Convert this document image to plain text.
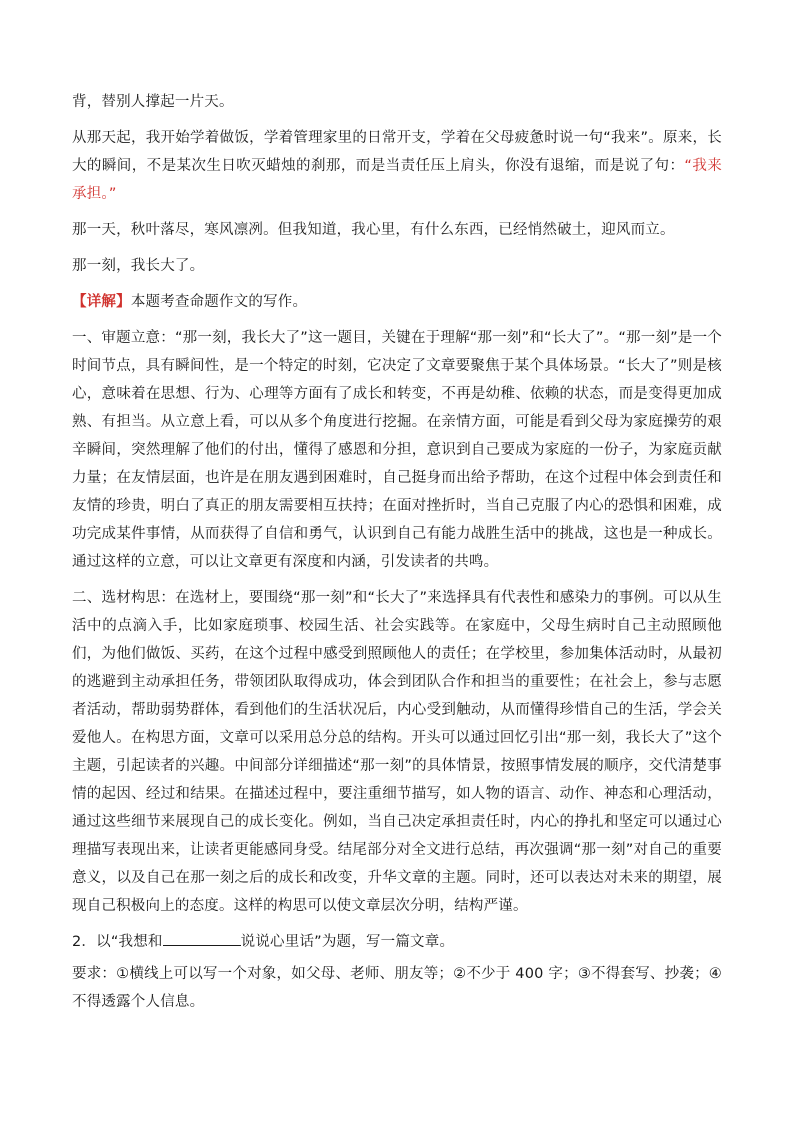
背，替别人撑起一片天。

从那天起，我开始学着做饭，学着管理家里的日常开支，学着在父母疲惫时说一句“我来”。原来，长大的瞬间，不是某次生日吹灭蜡烛的刹那，而是当责任压上肩头，你没有退缩，而是说了句：“我来承担。”

那一天，秋叶落尽，寒风凛冽。但我知道，我心里，有什么东西，已经悄然破土，迎风而立。

那一刻，我长大了。

【详解】本题考查命题作文的写作。

一、审题立意：“那一刻，我长大了”这一题目，关键在于理解“那一刻”和“长大了”。“那一刻”是一个时间节点，具有瞬间性，是一个特定的时刻，它决定了文章要聚焦于某个具体场景。“长大了”则是核心，意味着在思想、行为、心理等方面有了成长和转变，不再是幼稚、依赖的状态，而是变得更加成熟、有担当。从立意上看，可以从多个角度进行挖掘。在亲情方面，可能是看到父母为家庭操劳的艰辛瞬间，突然理解了他们的付出，懂得了感恩和分担，意识到自己要成为家庭的一份子，为家庭贡献力量；在友情层面，也许是在朋友遇到困难时，自己挺身而出给予帮助，在这个过程中体会到责任和友情的珍贵，明白了真正的朋友需要相互扶持；在面对挫折时，当自己克服了内心的恐惧和困难，成功完成某件事情，从而获得了自信和勇气，认识到自己有能力战胜生活中的挑战，这也是一种成长。通过这样的立意，可以让文章更有深度和内涵，引发读者的共鸣。

二、选材构思：在选材上，要围绕“那一刻”和“长大了”来选择具有代表性和感染力的事例。可以从生活中的点滴入手，比如家庭琐事、校园生活、社会实践等。在家庭中，父母生病时自己主动照顾他们，为他们做饭、买药，在这个过程中感受到照顾他人的责任；在学校里，参加集体活动时，从最初的逃避到主动承担任务，带领团队取得成功，体会到团队合作和担当的重要性；在社会上，参与志愿者活动，帮助弱势群体，看到他们的生活状况后，内心受到触动，从而懂得珍惜自己的生活，学会关爱他人。在构思方面，文章可以采用总分总的结构。开头可以通过回忆引出“那一刻，我长大了”这个主题，引起读者的兴趣。中间部分详细描述“那一刻”的具体情景，按照事情发展的顺序，交代清楚事情的起因、经过和结果。在描述过程中，要注重细节描写，如人物的语言、动作、神态和心理活动，通过这些细节来展现自己的成长变化。例如，当自己决定承担责任时，内心的挣扎和坚定可以通过心理描写表现出来，让读者更能感同身受。结尾部分对全文进行总结，再次强调“那一刻”对自己的重要意义，以及自己在那一刻之后的成长和改变，升华文章的主题。同时，还可以表达对未来的期望，展现自己积极向上的态度。这样的构思可以使文章层次分明，结构严谨。

2．以“我想和	说说心里话”为题，写一篇文章。

要求：①横线上可以写一个对象，如父母、老师、朋友等；②不少于 400 字；③不得套写、抄袭；④不得透露个人信息。
